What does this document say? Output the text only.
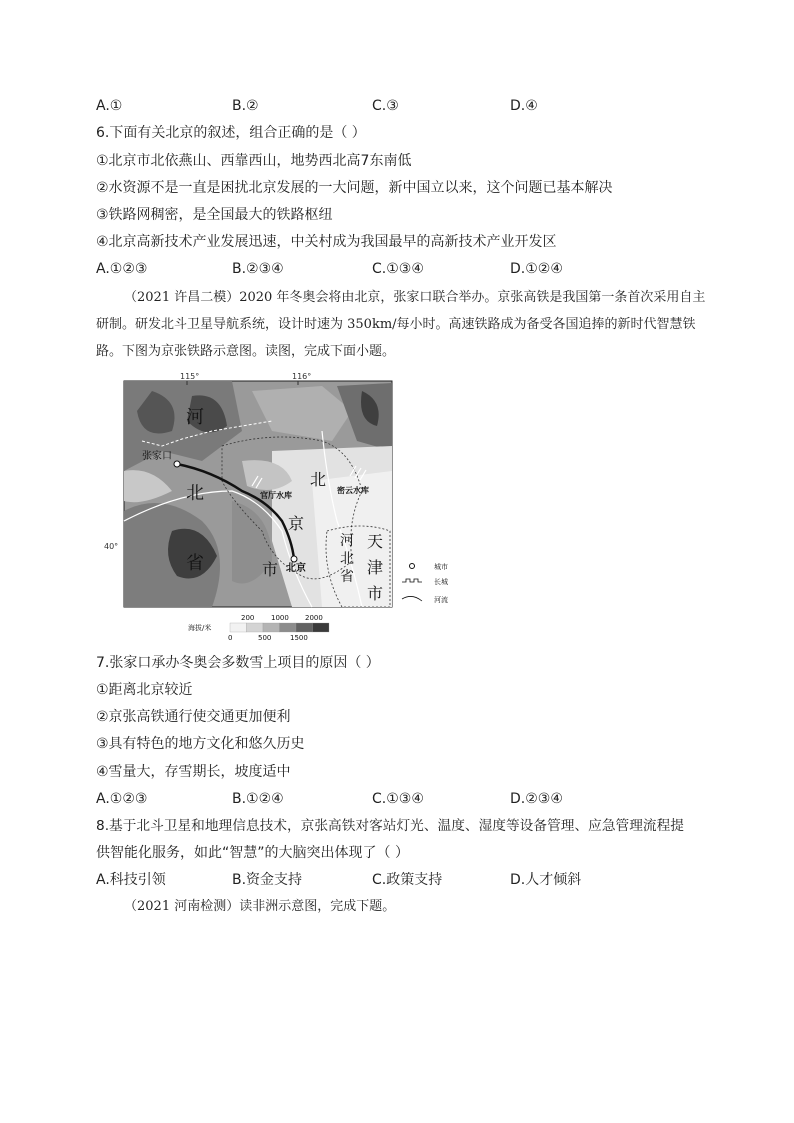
A.①	B.②	C.③	D.④
6.下面有关北京的叙述，组合正确的是（ ）
①北京市北依燕山、西靠西山，地势西北高7东南低
②水资源不是一直是困扰北京发展的一大问题，新中国立以来，这个问题已基本解决
③铁路网稠密，是全国最大的铁路枢纽
④北京高新技术产业发展迅速，中关村成为我国最早的高新技术产业开发区
A.①②③	B.②③④	C.①③④	D.①②④
（2021 许昌二模）2020 年冬奥会将由北京，张家口联合举办。京张高铁是我国第一条首次采用自主研制。研发北斗卫星导航系统，设计时速为 350km/每小时。高速铁路成为备受各国追捧的新时代智慧铁路。下图为京张铁路示意图。读图，完成下面小题。
115°	116°
40°
河
北
省
张家口
官厅水库
密云水库
北
京
市 北京
河
北
省
天
津
市
城市
长城
河流
海拔/米
200 1000 2000
0	500	1500
7.张家口承办冬奥会多数雪上项目的原因（ ）
①距离北京较近
②京张高铁通行使交通更加便利
③具有特色的地方文化和悠久历史
④雪量大，存雪期长，坡度适中
A.①②③	B.①②④	C.①③④	D.②③④
8.基于北斗卫星和地理信息技术，京张高铁对客站灯光、温度、湿度等设备管理、应急管理流程提
供智能化服务，如此“智慧”的大脑突出体现了（ ）
A.科技引领	B.资金支持	C.政策支持	D.人才倾斜
（2021 河南检测）读非洲示意图，完成下题。
